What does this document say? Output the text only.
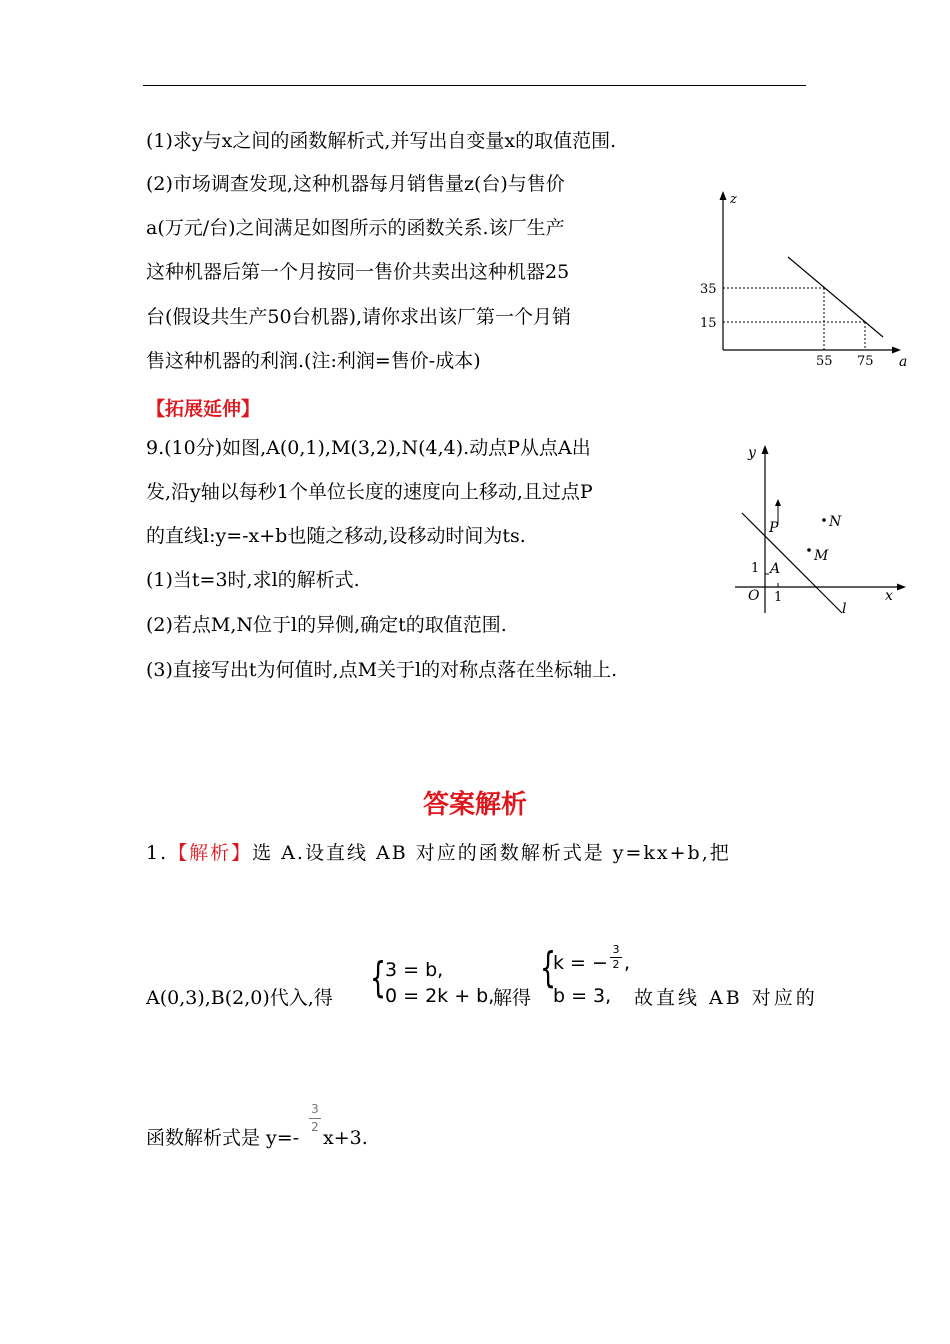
(1)求y与x之间的函数解析式,并写出自变量x的取值范围.
(2)市场调查发现,这种机器每月销售量z(台)与售价
a(万元/台)之间满足如图所示的函数关系.该厂生产
这种机器后第一个月按同一售价共卖出这种机器25
台(假设共生产50台机器),请你求出该厂第一个月销
售这种机器的利润.(注:利润=售价-成本)
z
a
35
15
55 75
【拓展延伸】
9.(10分)如图,A(0,1),M(3,2),N(4,4).动点P从点A出
发,沿y轴以每秒1个单位长度的速度向上移动,且过点P
的直线l:y=-x+b也随之移动,设移动时间为ts.
(1)当t=3时,求l的解析式.
(2)若点M,N位于l的异侧,确定t的取值范围.
(3)直接写出t为何值时,点M关于l的对称点落在坐标轴上.
y
x
O 1
1
l
P
A
M
N
答案解析
1.【解析】选 A.设直线 AB 对应的函数解析式是 y=kx+b,把
A(0,3),B(2,0)代入,得 {
3 = b,
0 = 2k + b,
解得
{
k = −
3
2 ,
b = 3, 故直线 AB 对应的
函数解析式是 y=-
3
2 x+3.
